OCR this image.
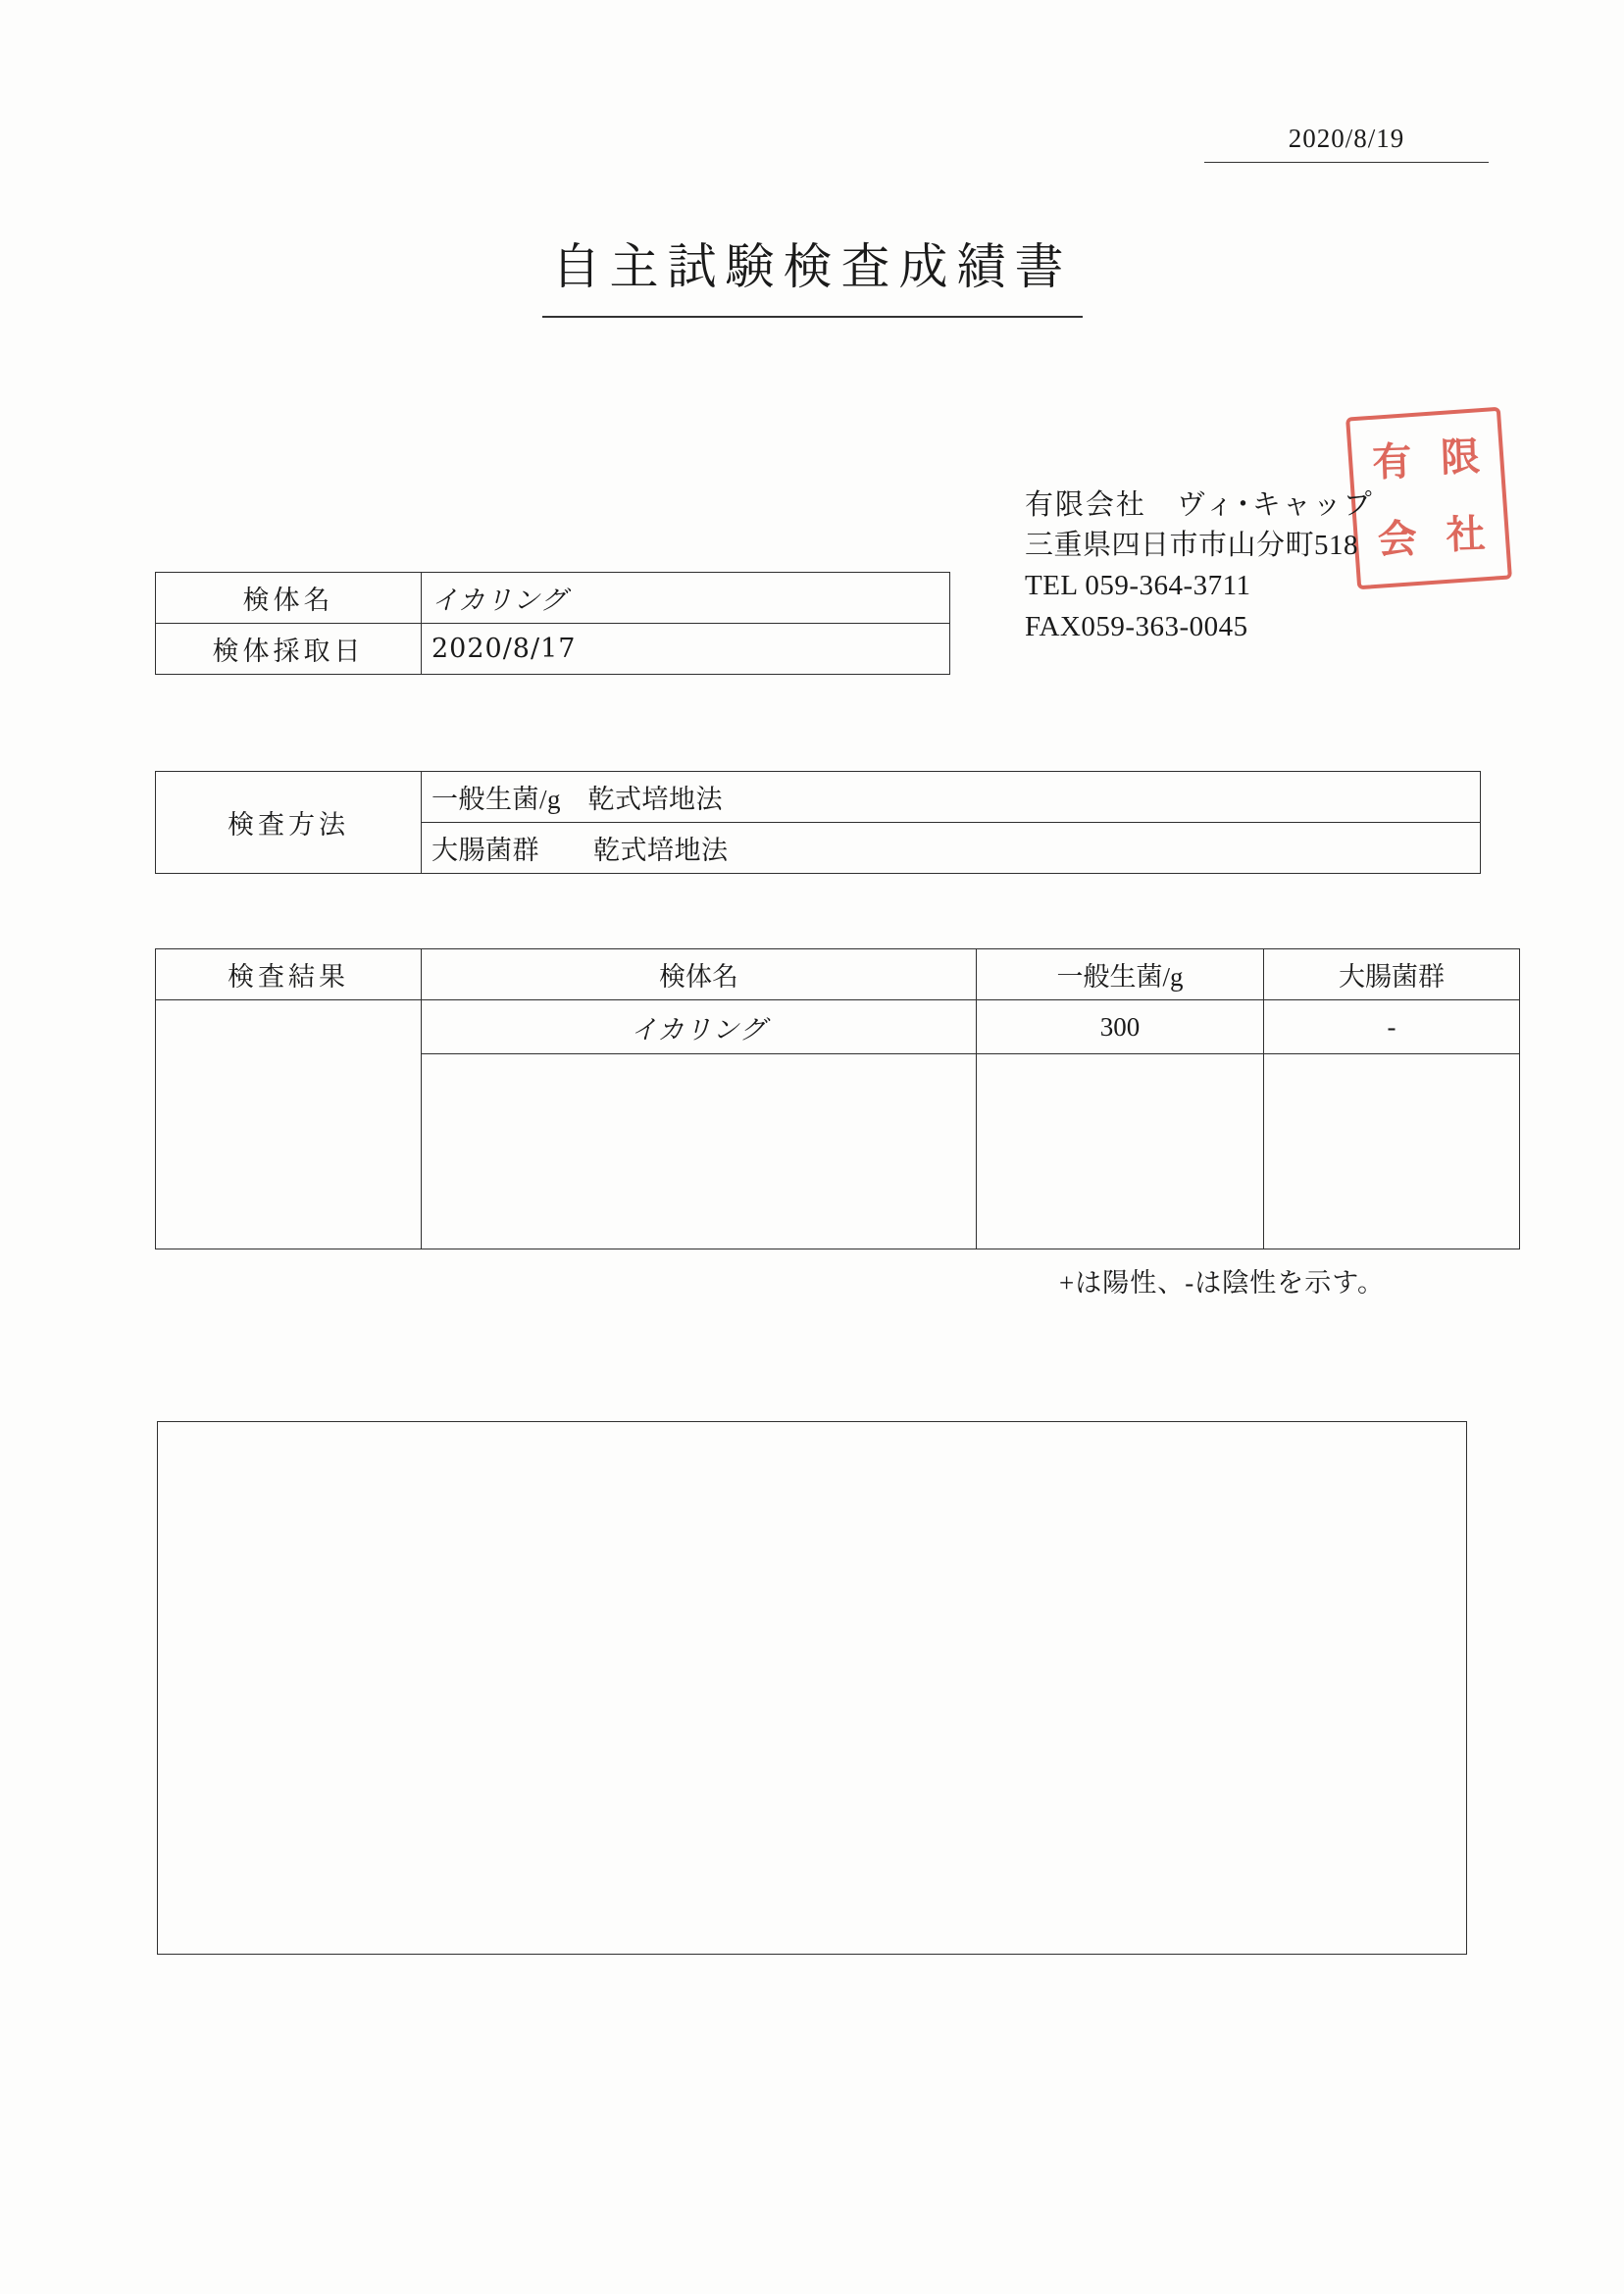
2020/8/19
自主試験検査成績書
有 限
会 社
有限会社　ヴィ･キャップ
三重県四日市市山分町518
TEL 059-364-3711
FAX059-363-0045
検体名	イカリング
検体採取日	2020/8/17
検査方法	一般生菌/g　乾式培地法
大腸菌群　　乾式培地法
検査結果	検体名	一般生菌/g	大腸菌群
	イカリング	300	-

+は陽性、-は陰性を示す。
